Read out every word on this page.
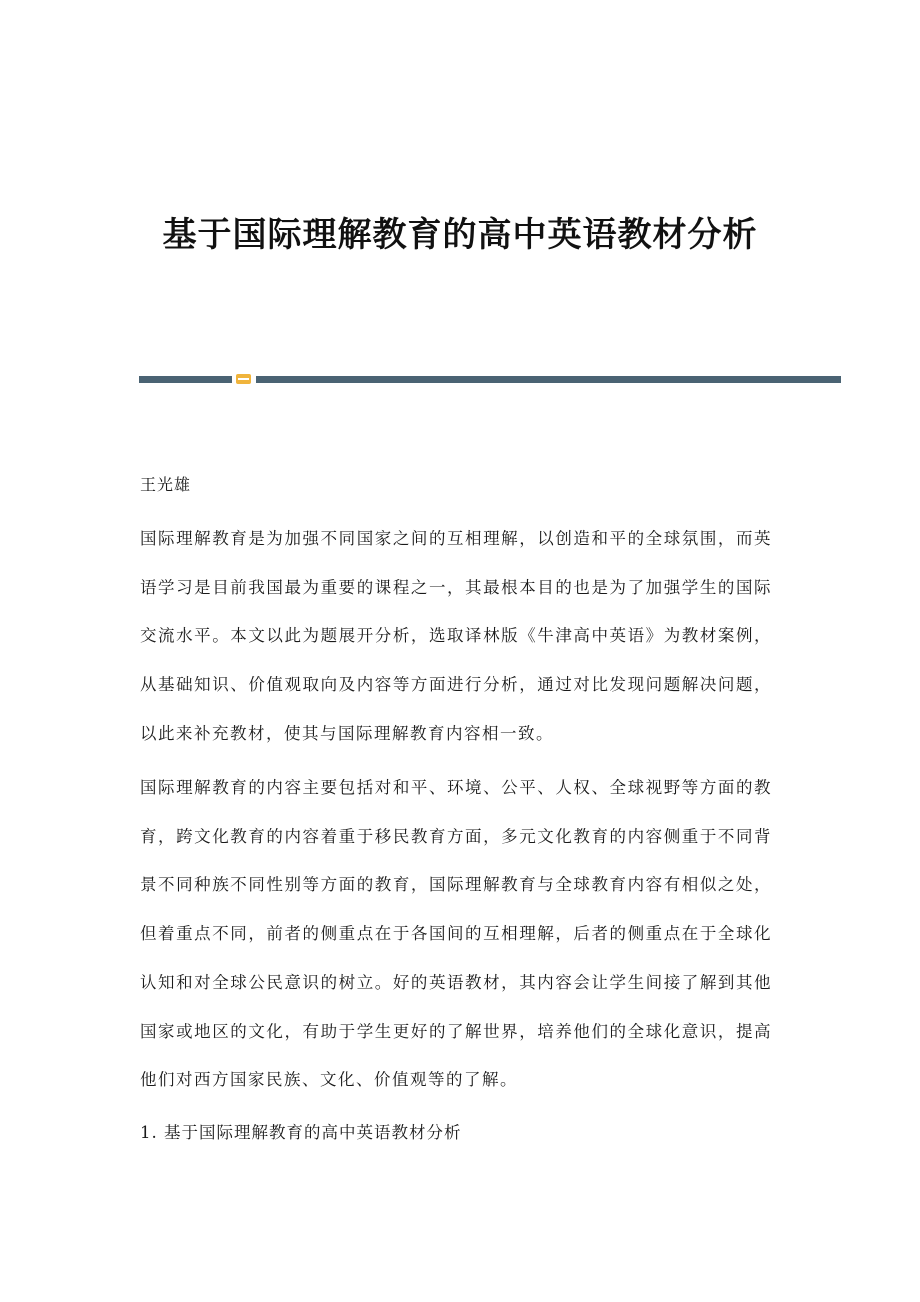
基于国际理解教育的高中英语教材分析
王光雄

国际理解教育是为加强不同国家之间的互相理解，以创造和平的全球氛围，而英语学习是目前我国最为重要的课程之一，其最根本目的也是为了加强学生的国际交流水平。本文以此为题展开分析，选取译林版《牛津高中英语》为教材案例，从基础知识、价值观取向及内容等方面进行分析，通过对比发现问题解决问题，以此来补充教材，使其与国际理解教育内容相一致。

国际理解教育的内容主要包括对和平、环境、公平、人权、全球视野等方面的教育，跨文化教育的内容着重于移民教育方面，多元文化教育的内容侧重于不同背景不同种族不同性别等方面的教育，国际理解教育与全球教育内容有相似之处，但着重点不同，前者的侧重点在于各国间的互相理解，后者的侧重点在于全球化认知和对全球公民意识的树立。好的英语教材，其内容会让学生间接了解到其他国家或地区的文化，有助于学生更好的了解世界，培养他们的全球化意识，提高他们对西方国家民族、文化、价值观等的了解。

1. 基于国际理解教育的高中英语教材分析
